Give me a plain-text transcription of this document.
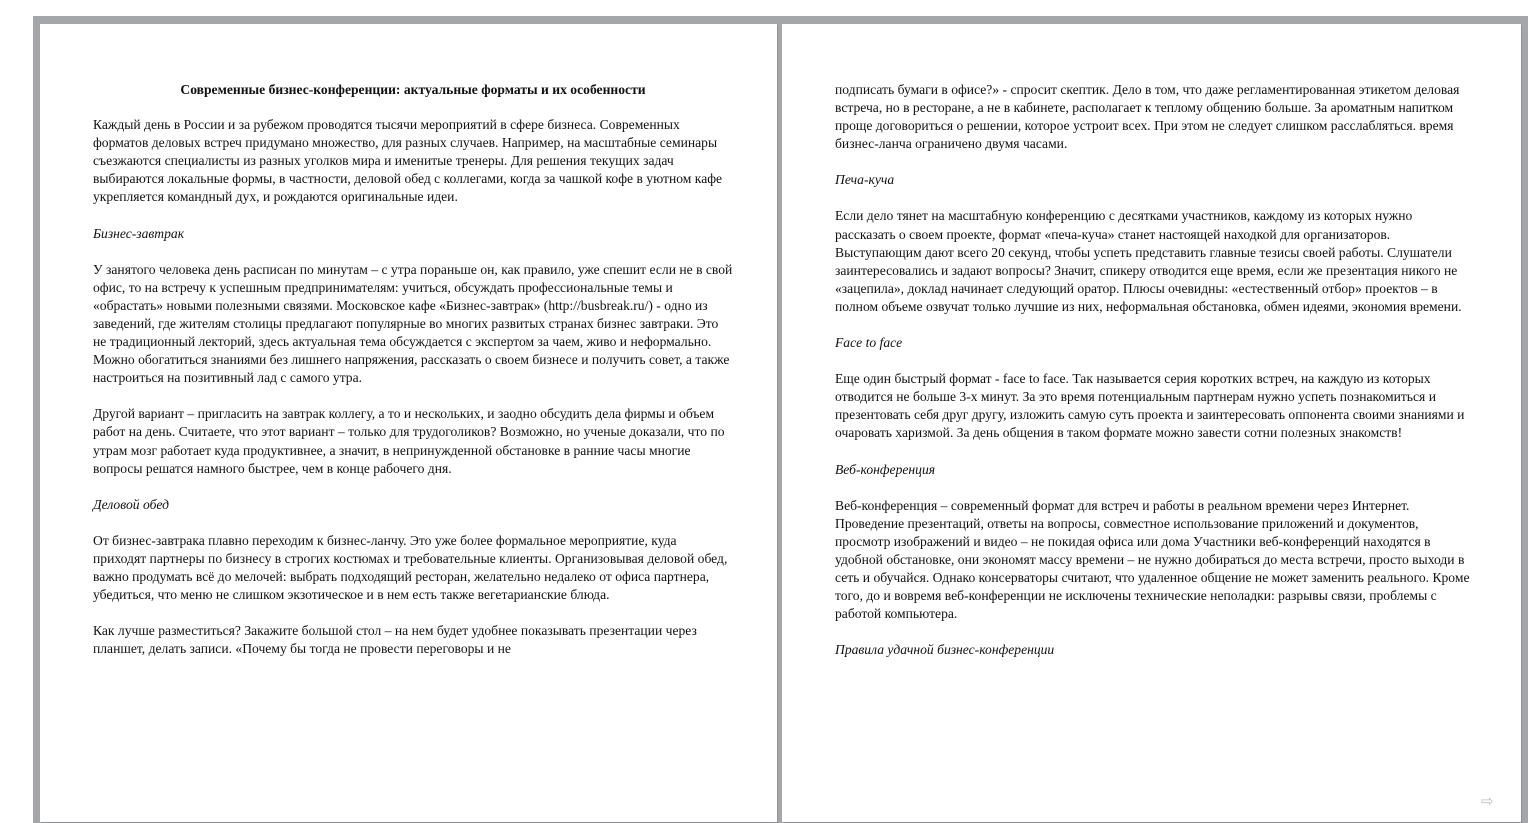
Современные бизнес-конференции: актуальные форматы и их особенности
Каждый день в России и за рубежом проводятся тысячи мероприятий в сфере бизнеса. Современных форматов деловых встреч придумано множество, для разных случаев. Например, на масштабные семинары съезжаются специалисты из разных уголков мира и именитые тренеры. Для решения текущих задач выбираются локальные формы, в частности, деловой обед с коллегами, когда за чашкой кофе в уютном кафе укрепляется командный дух, и рождаются оригинальные идеи.
Бизнес-завтрак
У занятого человека день расписан по минутам – с утра пораньше он, как правило, уже спешит если не в свой офис, то на встречу к успешным предпринимателям: учиться, обсуждать профессиональные темы и «обрастать» новыми полезными связями. Московское кафе «Бизнес-завтрак» (http://busbreak.ru/) - одно из заведений, где жителям столицы предлагают популярные во многих развитых странах бизнес завтраки. Это не традиционный лекторий, здесь актуальная тема обсуждается с экспертом за чаем, живо и неформально. Можно обогатиться знаниями без лишнего напряжения, рассказать о своем бизнесе и получить совет, а также настроиться на позитивный лад с самого утра.
Другой вариант – пригласить на завтрак коллегу, а то и нескольких, и заодно обсудить дела фирмы и объем работ на день. Считаете, что этот вариант – только для трудоголиков? Возможно, но ученые доказали, что по утрам мозг работает куда продуктивнее, а значит, в непринужденной обстановке в ранние часы многие вопросы решатся намного быстрее, чем в конце рабочего дня.
Деловой обед
От бизнес-завтрака плавно переходим к бизнес-ланчу. Это уже более формальное мероприятие, куда приходят партнеры по бизнесу в строгих костюмах и требовательные клиенты. Организовывая деловой обед, важно продумать всё до мелочей: выбрать подходящий ресторан, желательно недалеко от офиса партнера, убедиться, что меню не слишком экзотическое и в нем есть также вегетарианские блюда.
Как лучше разместиться? Закажите большой стол – на нем будет удобнее показывать презентации через планшет, делать записи. «Почему бы тогда не провести переговоры и не
подписать бумаги в офисе?» - спросит скептик. Дело в том, что даже регламентированная этикетом деловая встреча, но в ресторане, а не в кабинете, располагает к теплому общению больше. За ароматным напитком проще договориться о решении, которое устроит всех. При этом не следует слишком расслабляться. время бизнес-ланча ограничено двумя часами.
Печа-куча
Если дело тянет на масштабную конференцию с десятками участников, каждому из которых нужно рассказать о своем проекте, формат «печа-куча» станет настоящей находкой для организаторов. Выступающим дают всего 20 секунд, чтобы успеть представить главные тезисы своей работы. Слушатели заинтересовались и задают вопросы? Значит, спикеру отводится еще время, если же презентация никого не «зацепила», доклад начинает следующий оратор. Плюсы очевидны: «естественный отбор» проектов – в полном объеме озвучат только лучшие из них, неформальная обстановка, обмен идеями, экономия времени.
Face to face
Еще один быстрый формат - face to face. Так называется серия коротких встреч, на каждую из которых отводится не больше 3-х минут. За это время потенциальным партнерам нужно успеть познакомиться и презентовать себя друг другу, изложить самую суть проекта и заинтересовать оппонента своими знаниями и очаровать харизмой. За день общения в таком формате можно завести сотни полезных знакомств!
Веб-конференция
Веб-конференция – современный формат для встреч и работы в реальном времени через Интернет. Проведение презентаций, ответы на вопросы, совместное использование приложений и документов, просмотр изображений и видео – не покидая офиса или дома Участники веб-конференций находятся в удобной обстановке, они экономят массу времени – не нужно добираться до места встречи, просто выходи в сеть и обучайся. Однако консерваторы считают, что удаленное общение не может заменить реального. Кроме того, до и вовремя веб-конференции не исключены технические неполадки: разрывы связи, проблемы с работой компьютера.
Правила удачной бизнес-конференции
⇨
